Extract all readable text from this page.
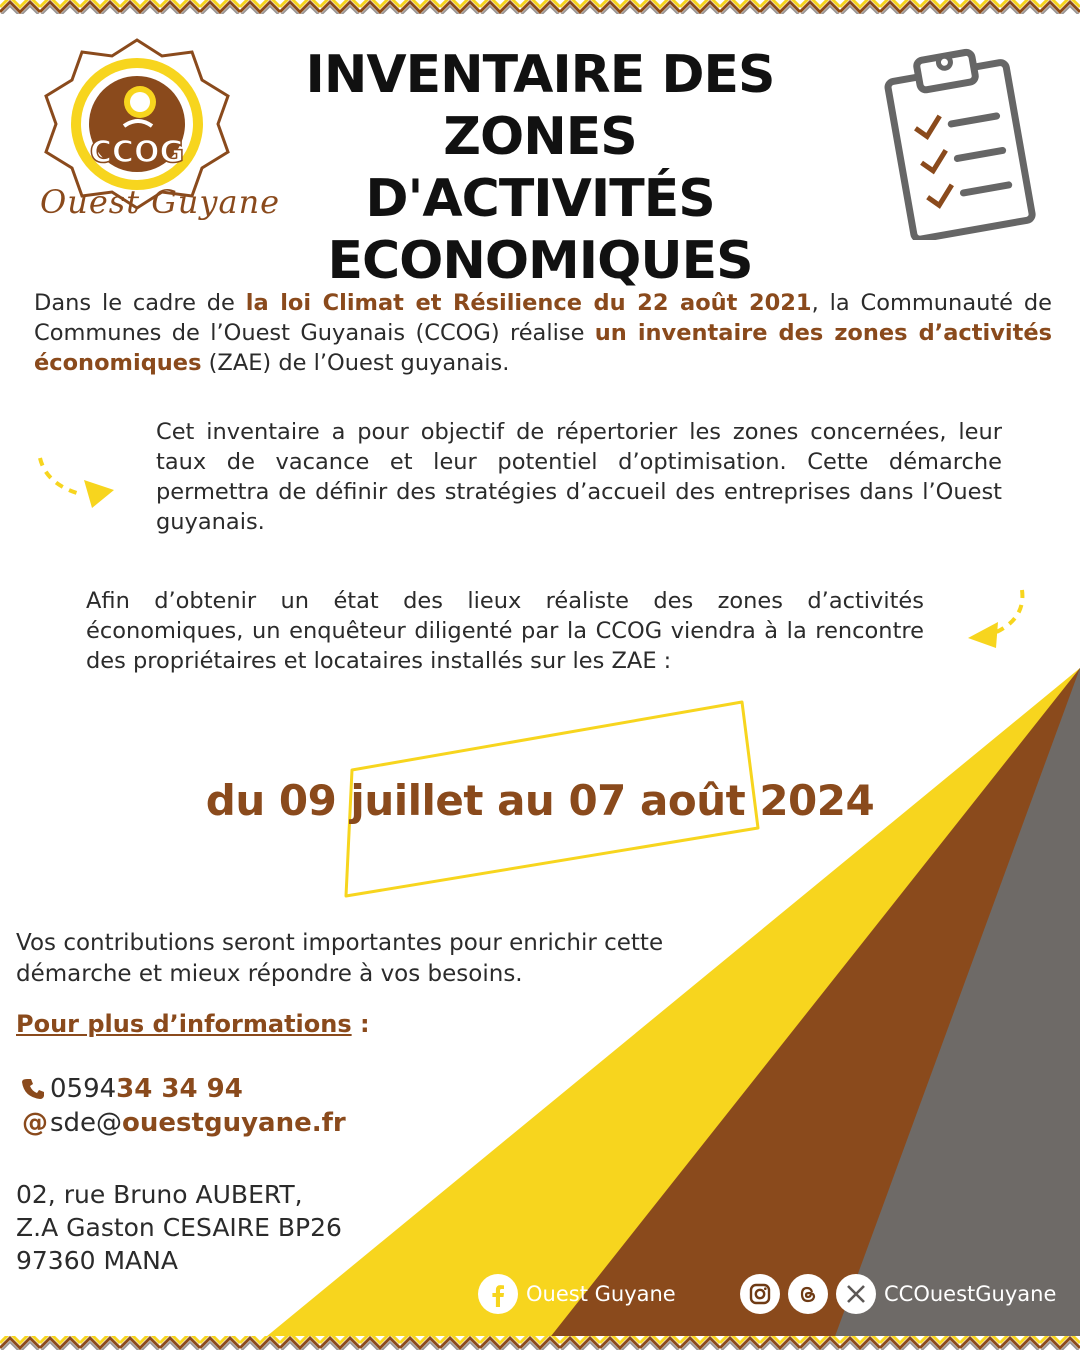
CCOG
Ouest Guyane
INVENTAIRE DES
ZONES D'ACTIVITÉS
ECONOMIQUES
Dans le cadre de la loi Climat et Résilience du 22 août 2021, la Communauté de Communes de l’Ouest Guyanais (CCOG) réalise un inventaire des zones d’activités économiques (ZAE) de l’Ouest guyanais.
Cet inventaire a pour objectif de répertorier les zones concernées, leur taux de vacance et leur potentiel d’optimisation. Cette démarche permettra de définir des stratégies d’accueil des entreprises dans l’Ouest guyanais.
Afin d’obtenir un état des lieux réaliste des zones d’activités économiques, un enquêteur diligenté par la CCOG viendra à la rencontre des propriétaires et locataires installés sur les ZAE :
du 09 juillet au 07 août 2024
Vos contributions seront importantes pour enrichir cette démarche et mieux répondre à vos besoins.
Pour plus d’informations :
0594 34 34 94
@ sde@ ouestguyane.fr
02, rue Bruno AUBERT,
Z.A Gaston CESAIRE BP26
97360 MANA
Ouest Guyane	CCOuestGuyane
